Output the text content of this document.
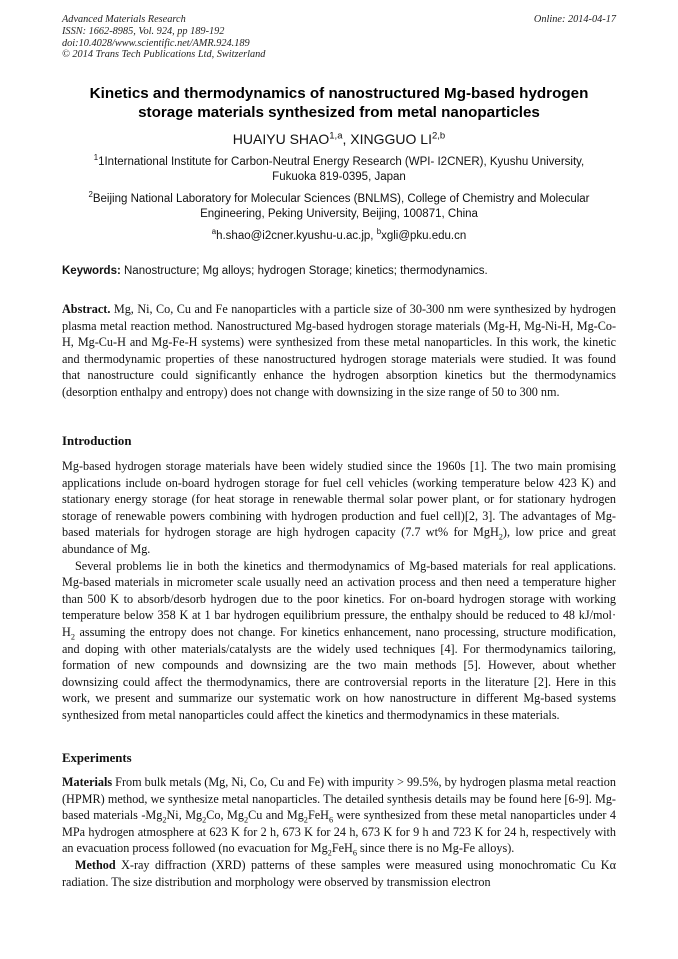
Advanced Materials Research
ISSN: 1662-8985, Vol. 924, pp 189-192
doi:10.4028/www.scientific.net/AMR.924.189
© 2014 Trans Tech Publications Ltd, Switzerland
Online: 2014-04-17
Kinetics and thermodynamics of nanostructured Mg-based hydrogen
storage materials synthesized from metal nanoparticles
HUAIYU SHAO$^{1,a}$, XINGGUO LI$^{2,b}$
$^1$1International Institute for Carbon-Neutral Energy Research (WPI- I2CNER), Kyushu University,
Fukuoka 819-0395, Japan
$^2$Beijing National Laboratory for Molecular Sciences (BNLMS), College of Chemistry and Molecular
Engineering, Peking University, Beijing, 100871, China
$^a$h.shao@i2cner.kyushu-u.ac.jp, $^b$xgli@pku.edu.cn
Keywords: Nanostructure; Mg alloys; hydrogen Storage; kinetics; thermodynamics.

Abstract. Mg, Ni, Co, Cu and Fe nanoparticles with a particle size of 30-300 nm were synthesized by hydrogen plasma metal reaction method. Nanostructured Mg-based hydrogen storage materials (Mg-H, Mg-Ni-H, Mg-Co-H, Mg-Cu-H and Mg-Fe-H systems) were synthesized from these metal nanoparticles. In this work, the kinetic and thermodynamic properties of these nanostructured hydrogen storage materials were studied. It was found that nanostructure could significantly enhance the hydrogen absorption kinetics but the thermodynamics (desorption enthalpy and entropy) does not change with downsizing in the size range of 50 to 300 nm.

Introduction

Mg-based hydrogen storage materials have been widely studied since the 1960s [1]. The two main promising applications include on-board hydrogen storage for fuel cell vehicles (working temperature below 423 K) and stationary energy storage (for heat storage in renewable thermal solar power plant, or for stationary hydrogen storage of renewable powers combining with hydrogen production and fuel cell)[2, 3]. The advantages of Mg-based materials for hydrogen storage are high hydrogen capacity (7.7 wt% for MgH$_2$), low price and great abundance of Mg.

Several problems lie in both the kinetics and thermodynamics of Mg-based materials for real applications. Mg-based materials in micrometer scale usually need an activation process and then need a temperature higher than 500 K to absorb/desorb hydrogen due to the poor kinetics. For on-board hydrogen storage with working temperature below 358 K at 1 bar hydrogen equilibrium pressure, the enthalpy should be reduced to 48 $kJ/mol\cdot H_2$ assuming the entropy does not change. For kinetics enhancement, nano processing, structure modification, and doping with other materials/catalysts are the widely used techniques [4]. For thermodynamics tailoring, formation of new compounds and downsizing are the two main methods [5]. However, about whether downsizing could affect the thermodynamics, there are controversial reports in the literature [2]. Here in this work, we present and summarize our systematic work on how nanostructure in different Mg-based systems synthesized from metal nanoparticles could affect the kinetics and thermodynamics in these materials.

Experiments

Materials From bulk metals (Mg, Ni, Co, Cu and Fe) with impurity > 99.5%, by hydrogen plasma metal reaction (HPMR) method, we synthesize metal nanoparticles. The detailed synthesis details may be found here [6-9]. Mg-based materials $-Mg_2Ni$, $Mg_2Co$, $Mg_2Cu$ and $Mg_2FeH_6$ were synthesized from these metal nanoparticles under 4 MPa hydrogen atmosphere at 623 K for 2 h, 673 K for 24 h, 673 K for 9 h and 723 K for 24 h, respectively with an evacuation process followed (no evacuation for $Mg_2FeH_6$ since there is no Mg-Fe alloys).

Method X-ray diffraction (XRD) patterns of these samples were measured using monochromatic Cu Kα radiation. The size distribution and morphology were observed by transmission electron
